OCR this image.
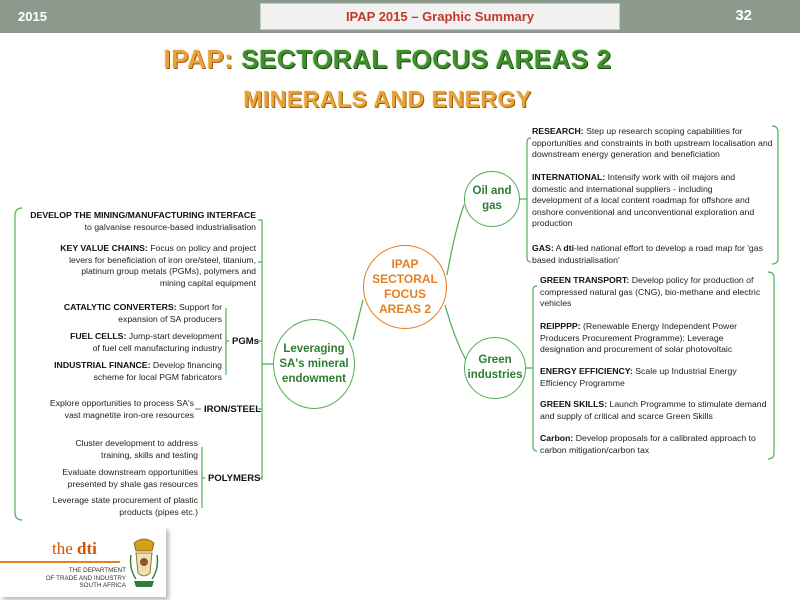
2015	IPAP 2015 – Graphic Summary	32
IPAP: SECTORAL FOCUS AREAS 2
MINERALS AND ENERGY
IPAP SECTORAL FOCUS AREAS 2
Leveraging SA's mineral endowment
Oil and gas
Green industries
DEVELOP THE MINING/MANUFACTURING INTERFACE
to galvanise resource-based industrialisation
KEY VALUE CHAINS: Focus on policy and project levers for beneficiation of iron ore/steel, titanium, platinum group metals (PGMs), polymers and mining capital equipment
CATALYTIC CONVERTERS: Support for expansion of SA producers
FUEL CELLS: Jump-start development of fuel cell manufacturing industry
INDUSTRIAL FINANCE: Develop financing scheme for local PGM fabricators
PGMs
Explore opportunities to process SA's vast magnetite iron-ore resources IRON/STEEL
Cluster development to address training, skills and testing
Evaluate downstream opportunities presented by shale gas resources
Leverage state procurement of plastic products (pipes etc.)
POLYMERS
RESEARCH: Step up research scoping capabilities for opportunities and constraints in both upstream localisation and downstream energy generation and beneficiation
INTERNATIONAL: Intensify work with oil majors and domestic and international suppliers - including development of a local content roadmap for offshore and onshore conventional and unconventional exploration and production
GAS: A dti-led national effort to develop a road map for 'gas based industrialisation'
GREEN TRANSPORT: Develop policy for production of compressed natural gas (CNG), bio-methane and electric vehicles
REIPPPP: (Renewable Energy Independent Power Producers Procurement Programme): Leverage designation and procurement of solar photovoltaic
ENERGY EFFICIENCY: Scale up Industrial Energy Efficiency Programme
GREEN SKILLS: Launch Programme to stimulate demand and supply of critical and scarce Green Skills
Carbon: Develop proposals for a calibrated approach to carbon mitigation/carbon tax
the dti
THE DEPARTMENT
OF TRADE AND INDUSTRY
SOUTH AFRICA
